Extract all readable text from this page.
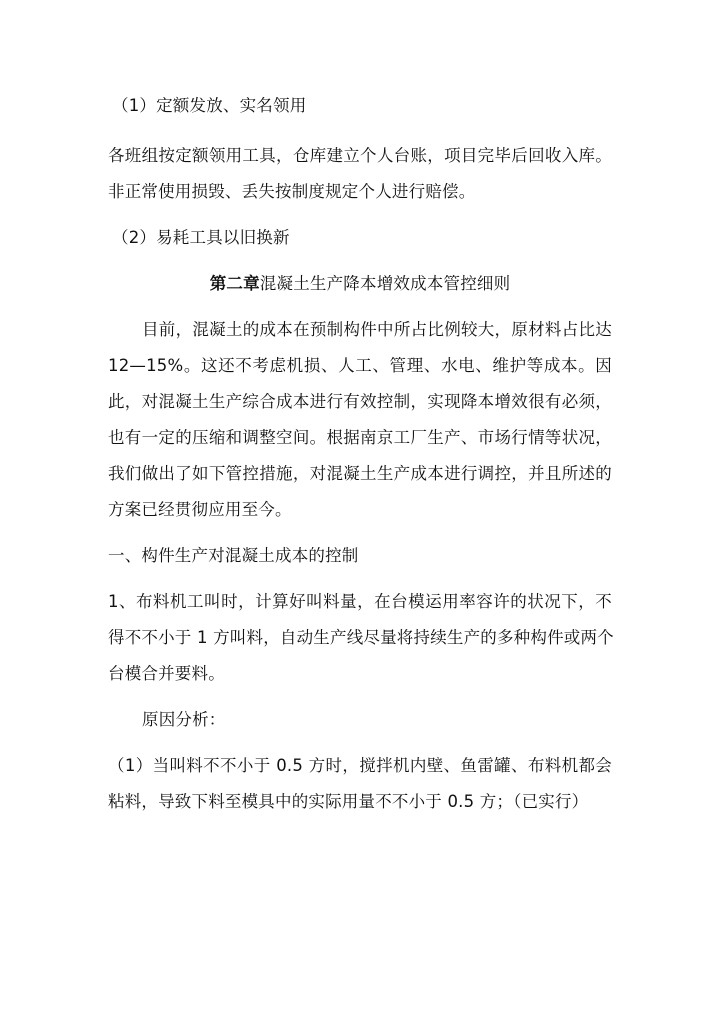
（1）定额发放、实名领用
各班组按定额领用工具，仓库建立个人台账，项目完毕后回收入库。
非正常使用损毁、丢失按制度规定个人进行赔偿。
（2）易耗工具以旧换新
第二章混凝土生产降本增效成本管控细则
目前，混凝土的成本在预制构件中所占比例较大，原材料占比达
12—15%。这还不考虑机损、人工、管理、水电、维护等成本。因
此，对混凝土生产综合成本进行有效控制，实现降本增效很有必须，
也有一定的压缩和调整空间。根据南京工厂生产、市场行情等状况，
我们做出了如下管控措施，对混凝土生产成本进行调控，并且所述的
方案已经贯彻应用至今。
一、构件生产对混凝土成本的控制
1、布料机工叫时，计算好叫料量，在台模运用率容许的状况下，不
得不不小于 1 方叫料，自动生产线尽量将持续生产的多种构件或两个
台模合并要料。
原因分析：
（1）当叫料不不小于 0.5 方时，搅拌机内壁、鱼雷罐、布料机都会
粘料，导致下料至模具中的实际用量不不小于 0.5 方；（已实行）
